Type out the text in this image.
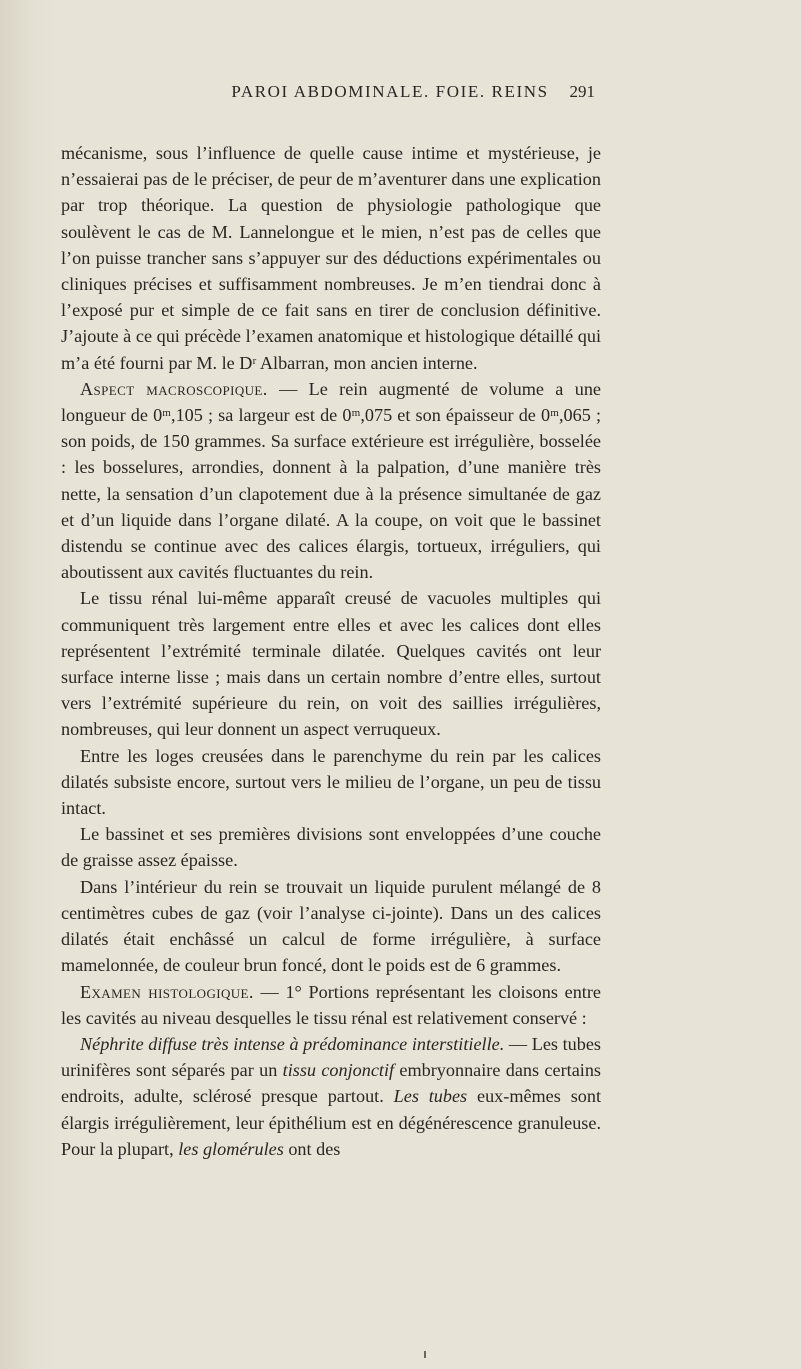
PAROI ABDOMINALE. FOIE. REINS	291

mécanisme, sous l’influence de quelle cause intime et mystérieuse, je n’essaierai pas de le préciser, de peur de m’aventurer dans une explication par trop théorique. La question de physiologie pathologique que soulèvent le cas de M. Lannelongue et le mien, n’est pas de celles que l’on puisse trancher sans s’appuyer sur des déductions expérimentales ou cliniques précises et suffisamment nombreuses. Je m’en tiendrai donc à l’exposé pur et simple de ce fait sans en tirer de conclusion définitive. J’ajoute à ce qui précède l’examen anatomique et histologique détaillé qui m’a été fourni par M. le Dʳ Albarran, mon ancien interne.

Aspect macroscopique. — Le rein augmenté de volume a une longueur de 0ᵐ,105 ; sa largeur est de 0ᵐ,075 et son épaisseur de 0ᵐ,065 ; son poids, de 150 grammes. Sa surface extérieure est irrégulière, bosselée : les bosselures, arrondies, donnent à la palpation, d’une manière très nette, la sensation d’un clapotement due à la présence simultanée de gaz et d’un liquide dans l’organe dilaté. A la coupe, on voit que le bassinet distendu se continue avec des calices élargis, tortueux, irréguliers, qui aboutissent aux cavités fluctuantes du rein.

Le tissu rénal lui-même apparaît creusé de vacuoles multiples qui communiquent très largement entre elles et avec les calices dont elles représentent l’extrémité terminale dilatée. Quelques cavités ont leur surface interne lisse ; mais dans un certain nombre d’entre elles, surtout vers l’extrémité supérieure du rein, on voit des saillies irrégulières, nombreuses, qui leur donnent un aspect verruqueux.

Entre les loges creusées dans le parenchyme du rein par les calices dilatés subsiste encore, surtout vers le milieu de l’organe, un peu de tissu intact.

Le bassinet et ses premières divisions sont enveloppées d’une couche de graisse assez épaisse.

Dans l’intérieur du rein se trouvait un liquide purulent mélangé de 8 centimètres cubes de gaz (voir l’analyse ci-jointe). Dans un des calices dilatés était enchâssé un calcul de forme irrégulière, à surface mamelonnée, de couleur brun foncé, dont le poids est de 6 grammes.

Examen histologique. — 1° Portions représentant les cloisons entre les cavités au niveau desquelles le tissu rénal est relativement conservé :

Néphrite diffuse très intense à prédominance interstitielle. — Les tubes urinifères sont séparés par un tissu conjonctif embryonnaire dans certains endroits, adulte, sclérosé presque partout. Les tubes eux-mêmes sont élargis irrégulièrement, leur épithélium est en dégénérescence granuleuse. Pour la plupart, les glomérules ont des
